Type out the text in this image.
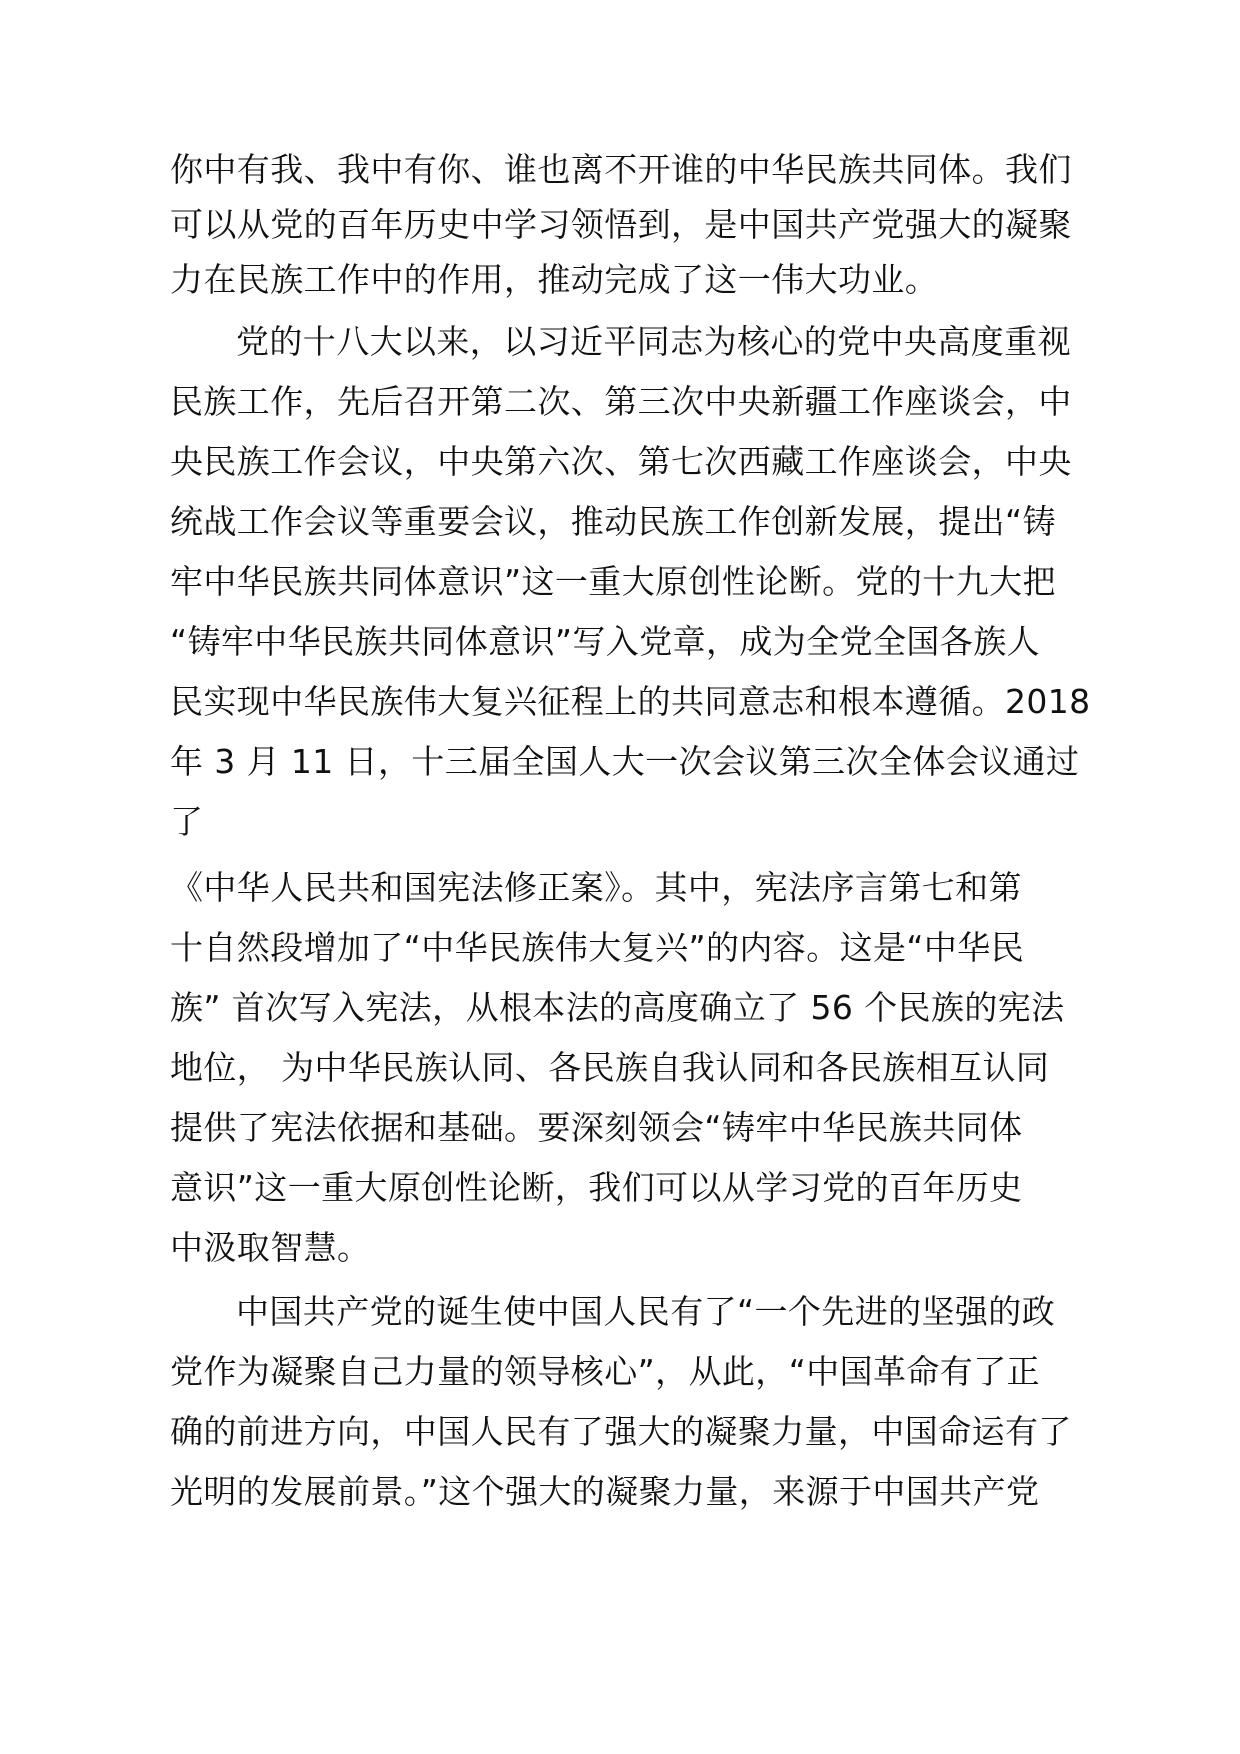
你中有我、我中有你、谁也离不开谁的中华民族共同体。我们
可以从党的百年历史中学习领悟到，是中国共产党强大的凝聚
力在民族工作中的作用，推动完成了这一伟大功业。
党的十八大以来，以习近平同志为核心的党中央高度重视
民族工作，先后召开第二次、第三次中央新疆工作座谈会，中
央民族工作会议，中央第六次、第七次西藏工作座谈会，中央
统战工作会议等重要会议，推动民族工作创新发展，提出“铸
牢中华民族共同体意识”这一重大原创性论断。党的十九大把
“铸牢中华民族共同体意识”写入党章，成为全党全国各族人
民实现中华民族伟大复兴征程上的共同意志和根本遵循。2018
年 3 月 11 日，十三届全国人大一次会议第三次全体会议通过
了
《中华人民共和国宪法修正案》。其中，宪法序言第七和第
十自然段增加了“中华民族伟大复兴”的内容。这是“中华民
族” 首次写入宪法，从根本法的高度确立了 56 个民族的宪法
地位， 为中华民族认同、各民族自我认同和各民族相互认同
提供了宪法依据和基础。要深刻领会“铸牢中华民族共同体
意识”这一重大原创性论断，我们可以从学习党的百年历史
中汲取智慧。
中国共产党的诞生使中国人民有了“一个先进的坚强的政
党作为凝聚自己力量的领导核心”，从此，“中国革命有了正
确的前进方向，中国人民有了强大的凝聚力量，中国命运有了
光明的发展前景。”这个强大的凝聚力量，来源于中国共产党
